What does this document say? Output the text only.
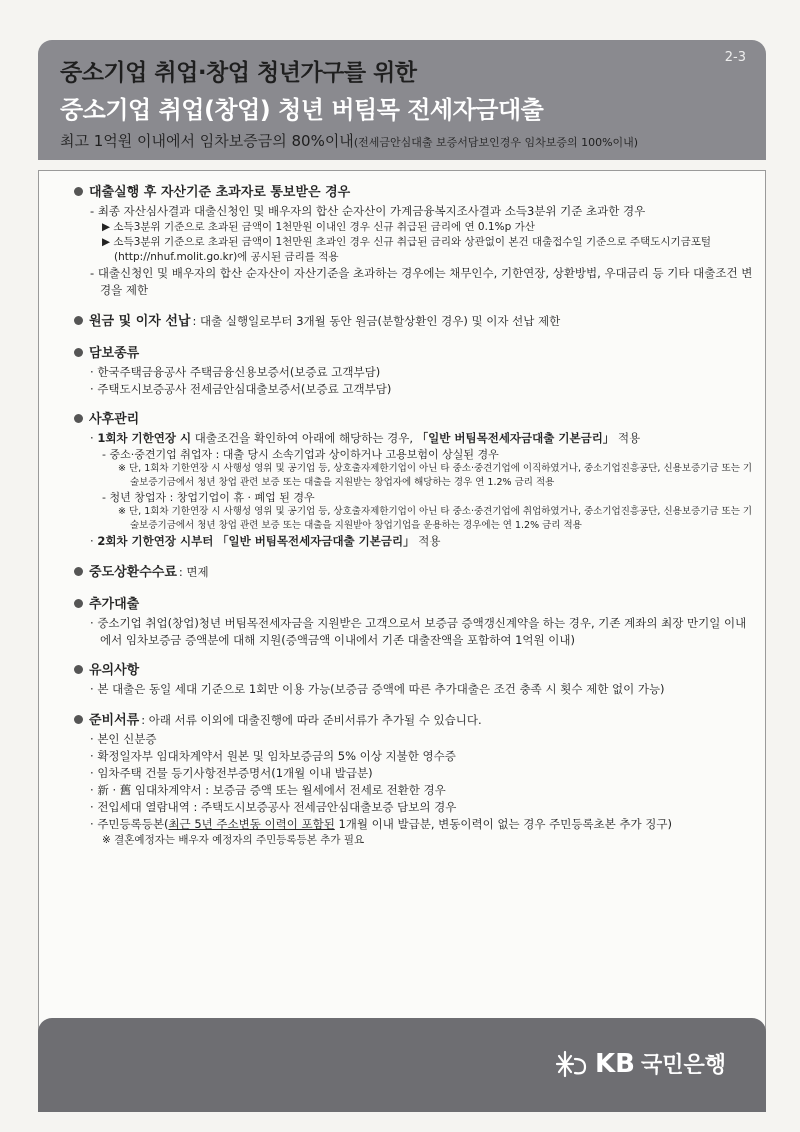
2-3
중소기업 취업·창업 청년가구를 위한
중소기업 취업(창업) 청년 버팀목 전세자금대출
최고 1억원 이내에서 임차보증금의 80%이내(전세금안심대출 보증서담보인경우 임차보증의 100%이내)
대출실행 후 자산기준 초과자로 통보받은 경우
- 최종 자산심사결과 대출신청인 및 배우자의 합산 순자산이 가계금융복지조사결과 소득3분위 기준 초과한 경우
▶ 소득3분위 기준으로 초과된 금액이 1천만원 이내인 경우 신규 취급된 금리에 연 0.1%p 가산
▶ 소득3분위 기준으로 초과된 금액이 1천만원 초과인 경우 신규 취급된 금리와 상관없이 본건 대출접수일 기준으로 주택도시기금포털 (http://nhuf.molit.go.kr)에 공시된 금리를 적용
- 대출신청인 및 배우자의 합산 순자산이 자산기준을 초과하는 경우에는 채무인수, 기한연장, 상환방법, 우대금리 등 기타 대출조건 변경을 제한
원금 및 이자 선납 : 대출 실행일로부터 3개월 동안 원금(분할상환인 경우) 및 이자 선납 제한
담보종류
· 한국주택금융공사 주택금융신용보증서(보증료 고객부담)
· 주택도시보증공사 전세금안심대출보증서(보증료 고객부담)
사후관리
· 1회차 기한연장 시 대출조건을 확인하여 아래에 해당하는 경우, 「일반 버팀목전세자금대출 기본금리」 적용
- 중소·중견기업 취업자 : 대출 당시 소속기업과 상이하거나 고용보험이 상실된 경우
※ 단, 1회차 기한연장 시 사행성 영위 및 공기업 등, 상호출자제한기업이 아닌 타 중소·중견기업에 이직하였거나, 중소기업진흥공단, 신용보증기금 또는 기술보증기금에서 청년 창업 관련 보증 또는 대출을 지원받는 창업자에 해당하는 경우 연 1.2% 금리 적용
- 청년 창업자 : 창업기업이 휴 · 폐업 된 경우
※ 단, 1회차 기한연장 시 사행성 영위 및 공기업 등, 상호출자제한기업이 아닌 타 중소·중견기업에 취업하였거나, 중소기업진흥공단, 신용보증기금 또는 기술보증기금에서 청년 창업 관련 보증 또는 대출을 지원받아 창업기업을 운용하는 경우에는 연 1.2% 금리 적용
· 2회차 기한연장 시부터 「일반 버팀목전세자금대출 기본금리」 적용
중도상환수수료 : 면제
추가대출
· 중소기업 취업(창업)청년 버팀목전세자금을 지원받은 고객으로서 보증금 증액갱신계약을 하는 경우, 기존 계좌의 최장 만기일 이내에서 임차보증금 증액분에 대해 지원(증액금액 이내에서 기존 대출잔액을 포함하여 1억원 이내)
유의사항
· 본 대출은 동일 세대 기준으로 1회만 이용 가능(보증금 증액에 따른 추가대출은 조건 충족 시 횟수 제한 없이 가능)
준비서류 : 아래 서류 이외에 대출진행에 따라 준비서류가 추가될 수 있습니다.
· 본인 신분증
· 확정일자부 임대차계약서 원본 및 임차보증금의 5% 이상 지불한 영수증
· 임차주택 건물 등기사항전부증명서(1개월 이내 발급분)
· 新 · 舊 임대차계약서 : 보증금 증액 또는 월세에서 전세로 전환한 경우
· 전입세대 열람내역 : 주택도시보증공사 전세금안심대출보증 담보의 경우
· 주민등록등본(최근 5년 주소변동 이력이 포함된 1개월 이내 발급분, 변동이력이 없는 경우 주민등록초본 추가 징구)
※ 결혼예정자는 배우자 예정자의 주민등록등본 추가 필요
KB 국민은행
